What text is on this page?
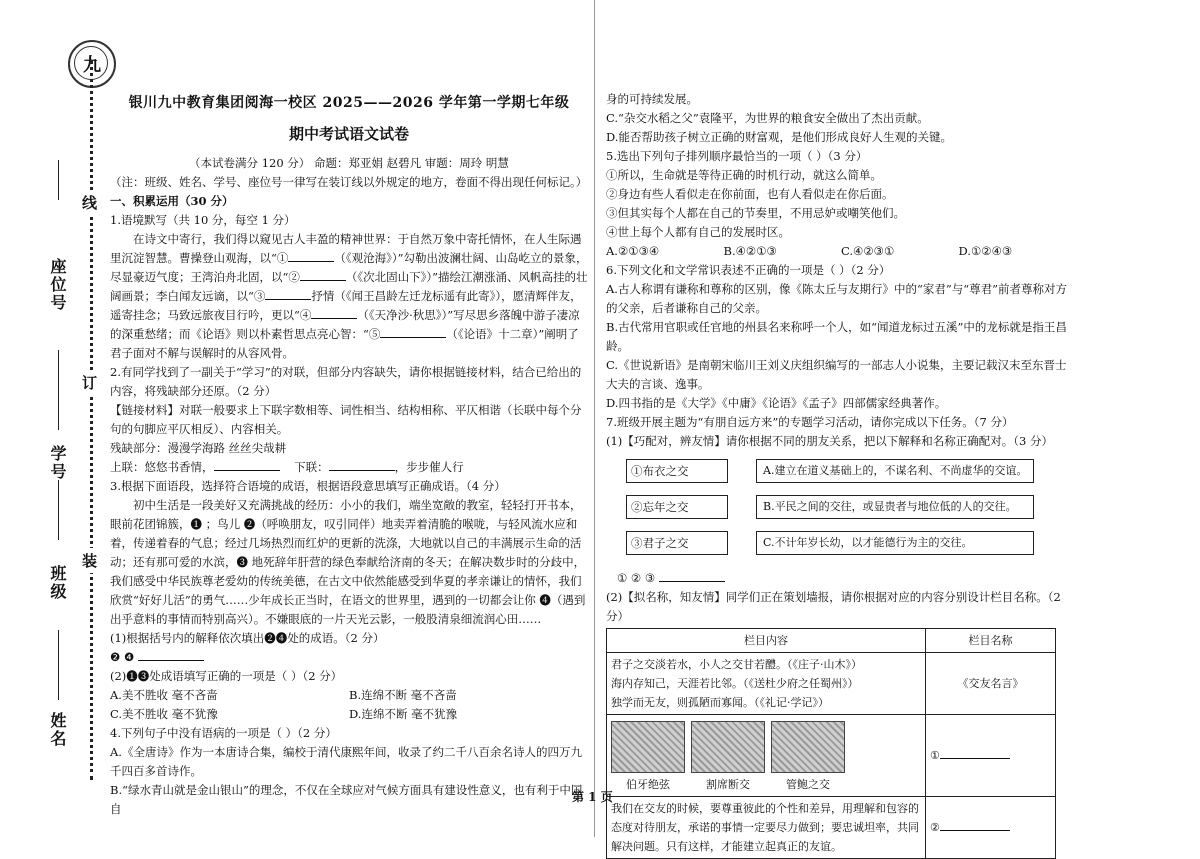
九
座位号
线
订
学号
装
班级
姓名

银川九中教育集团阅海一校区 2025——2026 学年第一学期七年级

期中考试语文试卷

（本试卷满分 120 分） 命题：郑亚娟 赵碧凡 审题：周玲 明慧

（注：班级、姓名、学号、座位号一律写在装订线以外规定的地方，卷面不得出现任何标记。）

一、积累运用（30 分）

1.语境默写（共 10 分，每空 1 分）

在诗文中寄行，我们得以窥见古人丰盈的精神世界：于自然万象中寄托情怀，在人生际遇里沉淀智慧。曹操登山观海，以“①	（《观沧海》）”勾勒出波澜壮阔、山岛屹立的景象，尽显豪迈气度；王湾泊舟北固，以“②	（《次北固山下》）”描绘江潮涨涌、风帆高挂的壮阔画景；李白闻友远谪，以“③	抒情（《闻王昌龄左迁龙标遥有此寄》），愿清辉伴友，遥寄挂念；马致远旅夜目行吟，更以“④	（《天净沙·秋思》）”写尽思乡落魄中游子凄凉的深重愁绪；而《论语》则以朴素哲思点亮心智：“⑤	（《论语》十二章）”阐明了君子面对不解与误解时的从容风骨。

2.有同学找到了一副关于“学习”的对联，但部分内容缺失，请你根据链接材料，结合已给出的内容，将残缺部分还原。（2 分）

【链接材料】对联一般要求上下联字数相等、词性相当、结构相称、平仄相谐（长联中每个分句的句脚应平仄相反）、内容相关。

残缺部分：漫漫学海路 丝丝尖哉耕

上联：悠悠书香情，	下联：	，步步催人行

3.根据下面语段，选择符合语境的成语，根据语段意思填写正确成语。（4 分）

初中生活是一段美好又充满挑战的经历：小小的我们，端坐宽敞的教室，轻轻打开书本，眼前花团锦簇，❶ ；鸟儿 ❷（呼唤朋友，叹引同伴）地卖弄着清脆的喉咙，与轻风流水应和着，传递着春的气息；经过几场热烈而红炉的更新的洗涤，大地就以自己的丰满展示生命的活动；还有那可爱的水滨，❸ 地死辞年肝营的绿色奉献给济南的冬天；在解决数步时的分歧中，我们感受中华民族尊老爱幼的传统美德，在古文中依然能感受到华夏的孝亲谦让的情怀，我们欣赏“好好儿活”的勇气……少年成长正当时，在语文的世界里，遇到的一切都会让你 ❹（遇到出乎意料的事情而特别高兴）。不嫌眼底的一片天光云影，一般股清泉细流润心田……

(1)根据括号内的解释依次填出❷❹处的成语。（2 分）

❷ ❹

(2)❶❸处成语填写正确的一项是（ ）（2 分）

A.美不胜收 毫不吝啬	B.连绵不断 毫不吝啬
C.美不胜收 毫不犹豫	D.连绵不断 毫不犹豫

4.下列句子中没有语病的一项是（ ）（2 分）

A.《全唐诗》作为一本唐诗合集，编校于清代康熙年间，收录了约二千八百余名诗人的四万九千四百多首诗作。

B.“绿水青山就是金山银山”的理念，不仅在全球应对气候方面具有建设性意义，也有利于中国自

身的可持续发展。

C.“杂交水稻之父”袁隆平，为世界的粮食安全做出了杰出贡献。

D.能否帮助孩子树立正确的财富观，是他们形成良好人生观的关键。

5.选出下列句子排列顺序最恰当的一项（ ）（3 分）

①所以，生命就是等待正确的时机行动，就这么简单。

②身边有些人看似走在你前面，也有人看似走在你后面。

③但其实每个人都在自己的节奏里，不用忌妒或嘲笑他们。

④世上每个人都有自己的发展时区。

A.②①③④	B.④②①③	C.④②③①	D.①②④③

6.下列文化和文学常识表述不正确的一项是（ ）（2 分）

A.古人称谓有谦称和尊称的区别，像《陈太丘与友期行》中的“家君”与“尊君”前者尊称对方的父亲，后者谦称自己的父亲。

B.古代常用官职或任官地的州县名来称呼一个人，如“闻道龙标过五溪”中的龙标就是指王昌龄。

C.《世说新语》是南朝宋临川王刘义庆组织编写的一部志人小说集，主要记载汉末至东晋士大夫的言谈、逸事。

D.四书指的是《大学》《中庸》《论语》《孟子》四部儒家经典著作。

7.班级开展主题为“有朋自远方来”的专题学习活动，请你完成以下任务。（7 分）

(1)【巧配对，辨友情】请你根据不同的朋友关系，把以下解释和名称正确配对。（3 分）

①布衣之交
②忘年之交
③君子之交
A.建立在道义基础上的，不谋名利、不尚虚华的交谊。
B.平民之间的交往，或显贵者与地位低的人的交往。
C.不计年岁长幼，以才能德行为主的交往。

① ② ③

(2)【拟名称，知友情】同学们正在策划墙报，请你根据对应的内容分别设计栏目名称。（2 分）

栏目内容	栏目名称

君子之交淡若水，小人之交甘若醴。（《庄子·山木》）
海内存知己，天涯若比邻。（《送杜少府之任蜀州》）
独学而无友，则孤陋而寡闻。（《礼记·学记》）	《交友名言》

伯牙绝弦 割席断交 管鲍之交	①
我们在交友的时候，要尊重彼此的个性和差异，用理解和包容的态度对待朋友，承诺的事情一定要尽力做到；要忠诚坦率，共同解决问题。只有这样，才能建立起真正的友谊。	②
第 1 页
